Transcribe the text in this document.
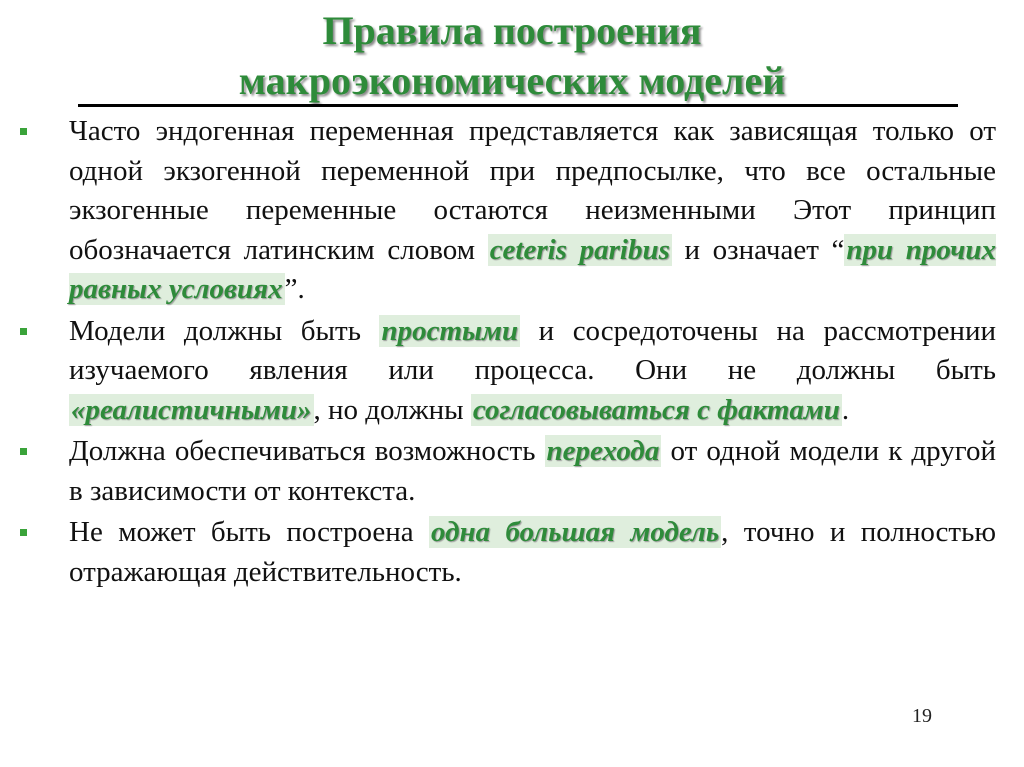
Правила построения
макроэкономических моделей
Часто эндогенная переменная представляется как зависящая только от одной экзогенной переменной при предпосылке, что все остальные экзогенные переменные остаются неизменными Этот принцип обозначается латинским словом ceteris paribus и означает “при прочих равных условиях”.
Модели должны быть простыми и сосредоточены на рассмотрении изучаемого явления или процесса. Они не должны быть «реалистичными», но должны согласовываться с фактами.
Должна обеспечиваться возможность перехода от одной модели к другой в зависимости от контекста.
Не может быть построена одна большая модель, точно и полностью отражающая действительность.
19
